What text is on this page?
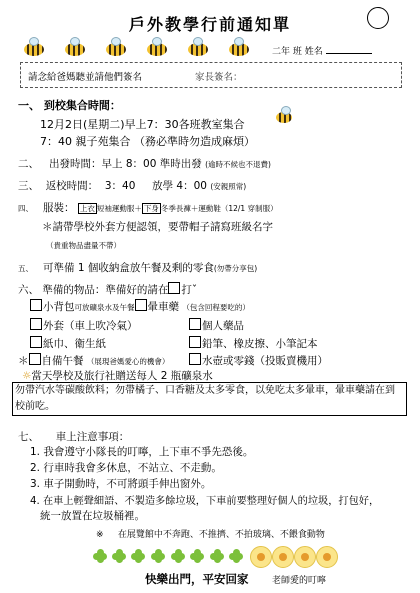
戶外教學行前通知單
二年 班 姓名
請念給爸媽聽並請他們簽名	家長簽名：
一、 到校集合時間：
12月2日(星期二)早上7：30各班教室集合
7：40 親子苑集合 （務必準時勿造成麻煩）
二、 出發時間：早上 8：00 準時出發 (逾時不候也不退費)
三、 返校時間：  3：40     放學 4：00 (安親照常)
四、 服裝： 上衣 短袖運動服＋ 下身 冬季長褲＋運動鞋（12/1 穿制服）
＊請帶學校外套方便認領，要帶帽子請寫班級名字
（貴重物品盡量不帶）
五、 可準備 1 個收納盒放午餐及剩的零食(勿帶分享包)
六、 準備的物品：準備好的請在 打ˇ
小背包可放礦泉水及午餐 暈車藥 （包含回程要吃的）
外套（車上吹冷氣）	個人藥品
紙巾、衛生紙	鉛筆、橡皮擦、小筆記本
＊ 自備午餐 （展現爸媽愛心的機會）	水壺或零錢（投販賣機用）
☼當天學校及旅行社贈送每人 2 瓶礦泉水
勿帶汽水等碳酸飲料；勿帶橘子、口香糖及太多零食，以免吃太多暈車，暈車藥請在到校前吃。
七、 車上注意事項：
1. 我會遵守小隊長的叮嚀，上下車不爭先恐後。
2. 行車時我會多休息，不站立、不走動。
3. 車子開動時，不可將頭手伸出窗外。
4. 在車上輕聲細語、不製造多餘垃圾，下車前要整理好個人的垃圾，打包好，
統一放置在垃圾桶裡。
※ 在展覽館中不奔跑、不推擠、不拍玻璃、不餵食動物
快樂出門，平安回家	老師愛的叮嚀
